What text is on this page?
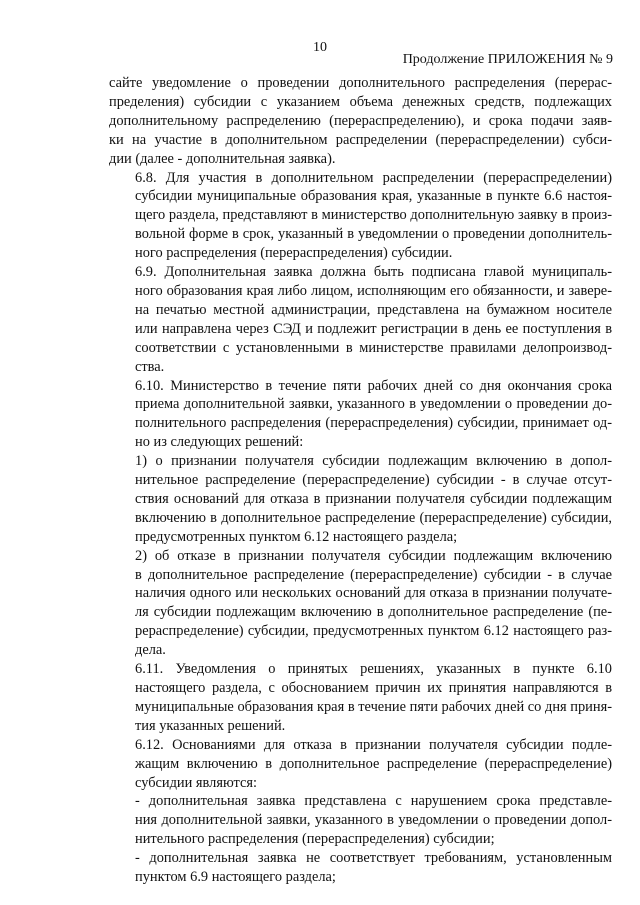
10
Продолжение ПРИЛОЖЕНИЯ № 9

сайте уведомление о проведении дополнительного распределения (перерас-
пределения) субсидии с указанием объема денежных средств, подлежащих
дополнительному распределению (перераспределению), и срока подачи заяв-
ки на участие в дополнительном распределении (перераспределении) субси-
дии (далее - дополнительная заявка).

6.8. Для участия в дополнительном распределении (перераспределении)
субсидии муниципальные образования края, указанные в пункте 6.6 настоя-
щего раздела, представляют в министерство дополнительную заявку в произ-
вольной форме в срок, указанный в уведомлении о проведении дополнитель-
ного распределения (перераспределения) субсидии.

6.9. Дополнительная заявка должна быть подписана главой муниципаль-
ного образования края либо лицом, исполняющим его обязанности, и завере-
на печатью местной администрации, представлена на бумажном носителе
или направлена через СЭД и подлежит регистрации в день ее поступления в
соответствии с установленными в министерстве правилами делопроизвод-
ства.

6.10. Министерство в течение пяти рабочих дней со дня окончания срока
приема дополнительной заявки, указанного в уведомлении о проведении до-
полнительного распределения (перераспределения) субсидии, принимает од-
но из следующих решений:

1) о признании получателя субсидии подлежащим включению в допол-
нительное распределение (перераспределение) субсидии - в случае отсут-
ствия оснований для отказа в признании получателя субсидии подлежащим
включению в дополнительное распределение (перераспределение) субсидии,
предусмотренных пунктом 6.12 настоящего раздела;

2) об отказе в признании получателя субсидии подлежащим включению
в дополнительное распределение (перераспределение) субсидии - в случае
наличия одного или нескольких оснований для отказа в признании получате-
ля субсидии подлежащим включению в дополнительное распределение (пе-
рераспределение) субсидии, предусмотренных пунктом 6.12 настоящего раз-
дела.

6.11. Уведомления о принятых решениях, указанных в пункте 6.10
настоящего раздела, с обоснованием причин их принятия направляются в
муниципальные образования края в течение пяти рабочих дней со дня приня-
тия указанных решений.

6.12. Основаниями для отказа в признании получателя субсидии подле-
жащим включению в дополнительное распределение (перераспределение)
субсидии являются:

- дополнительная заявка представлена с нарушением срока представле-
ния дополнительной заявки, указанного в уведомлении о проведении допол-
нительного распределения (перераспределения) субсидии;

- дополнительная заявка не соответствует требованиям, установленным
пунктом 6.9 настоящего раздела;
